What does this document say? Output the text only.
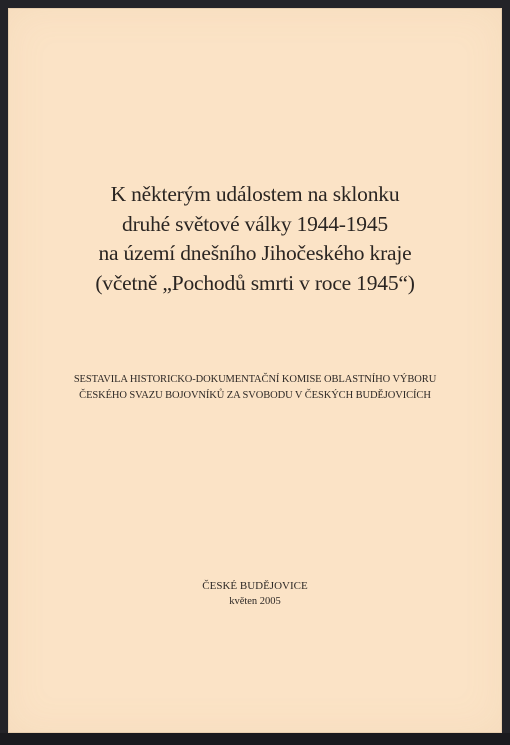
K některým událostem na sklonku
druhé světové války 1944-1945
na území dnešního Jihočeského kraje
(včetně „Pochodů smrti v roce 1945“)
SESTAVILA HISTORICKO-DOKUMENTAČNÍ KOMISE OBLASTNÍHO VÝBORU
ČESKÉHO SVAZU BOJOVNÍKŮ ZA SVOBODU V ČESKÝCH BUDĚJOVICÍCH
ČESKÉ BUDĚJOVICE
květen 2005
